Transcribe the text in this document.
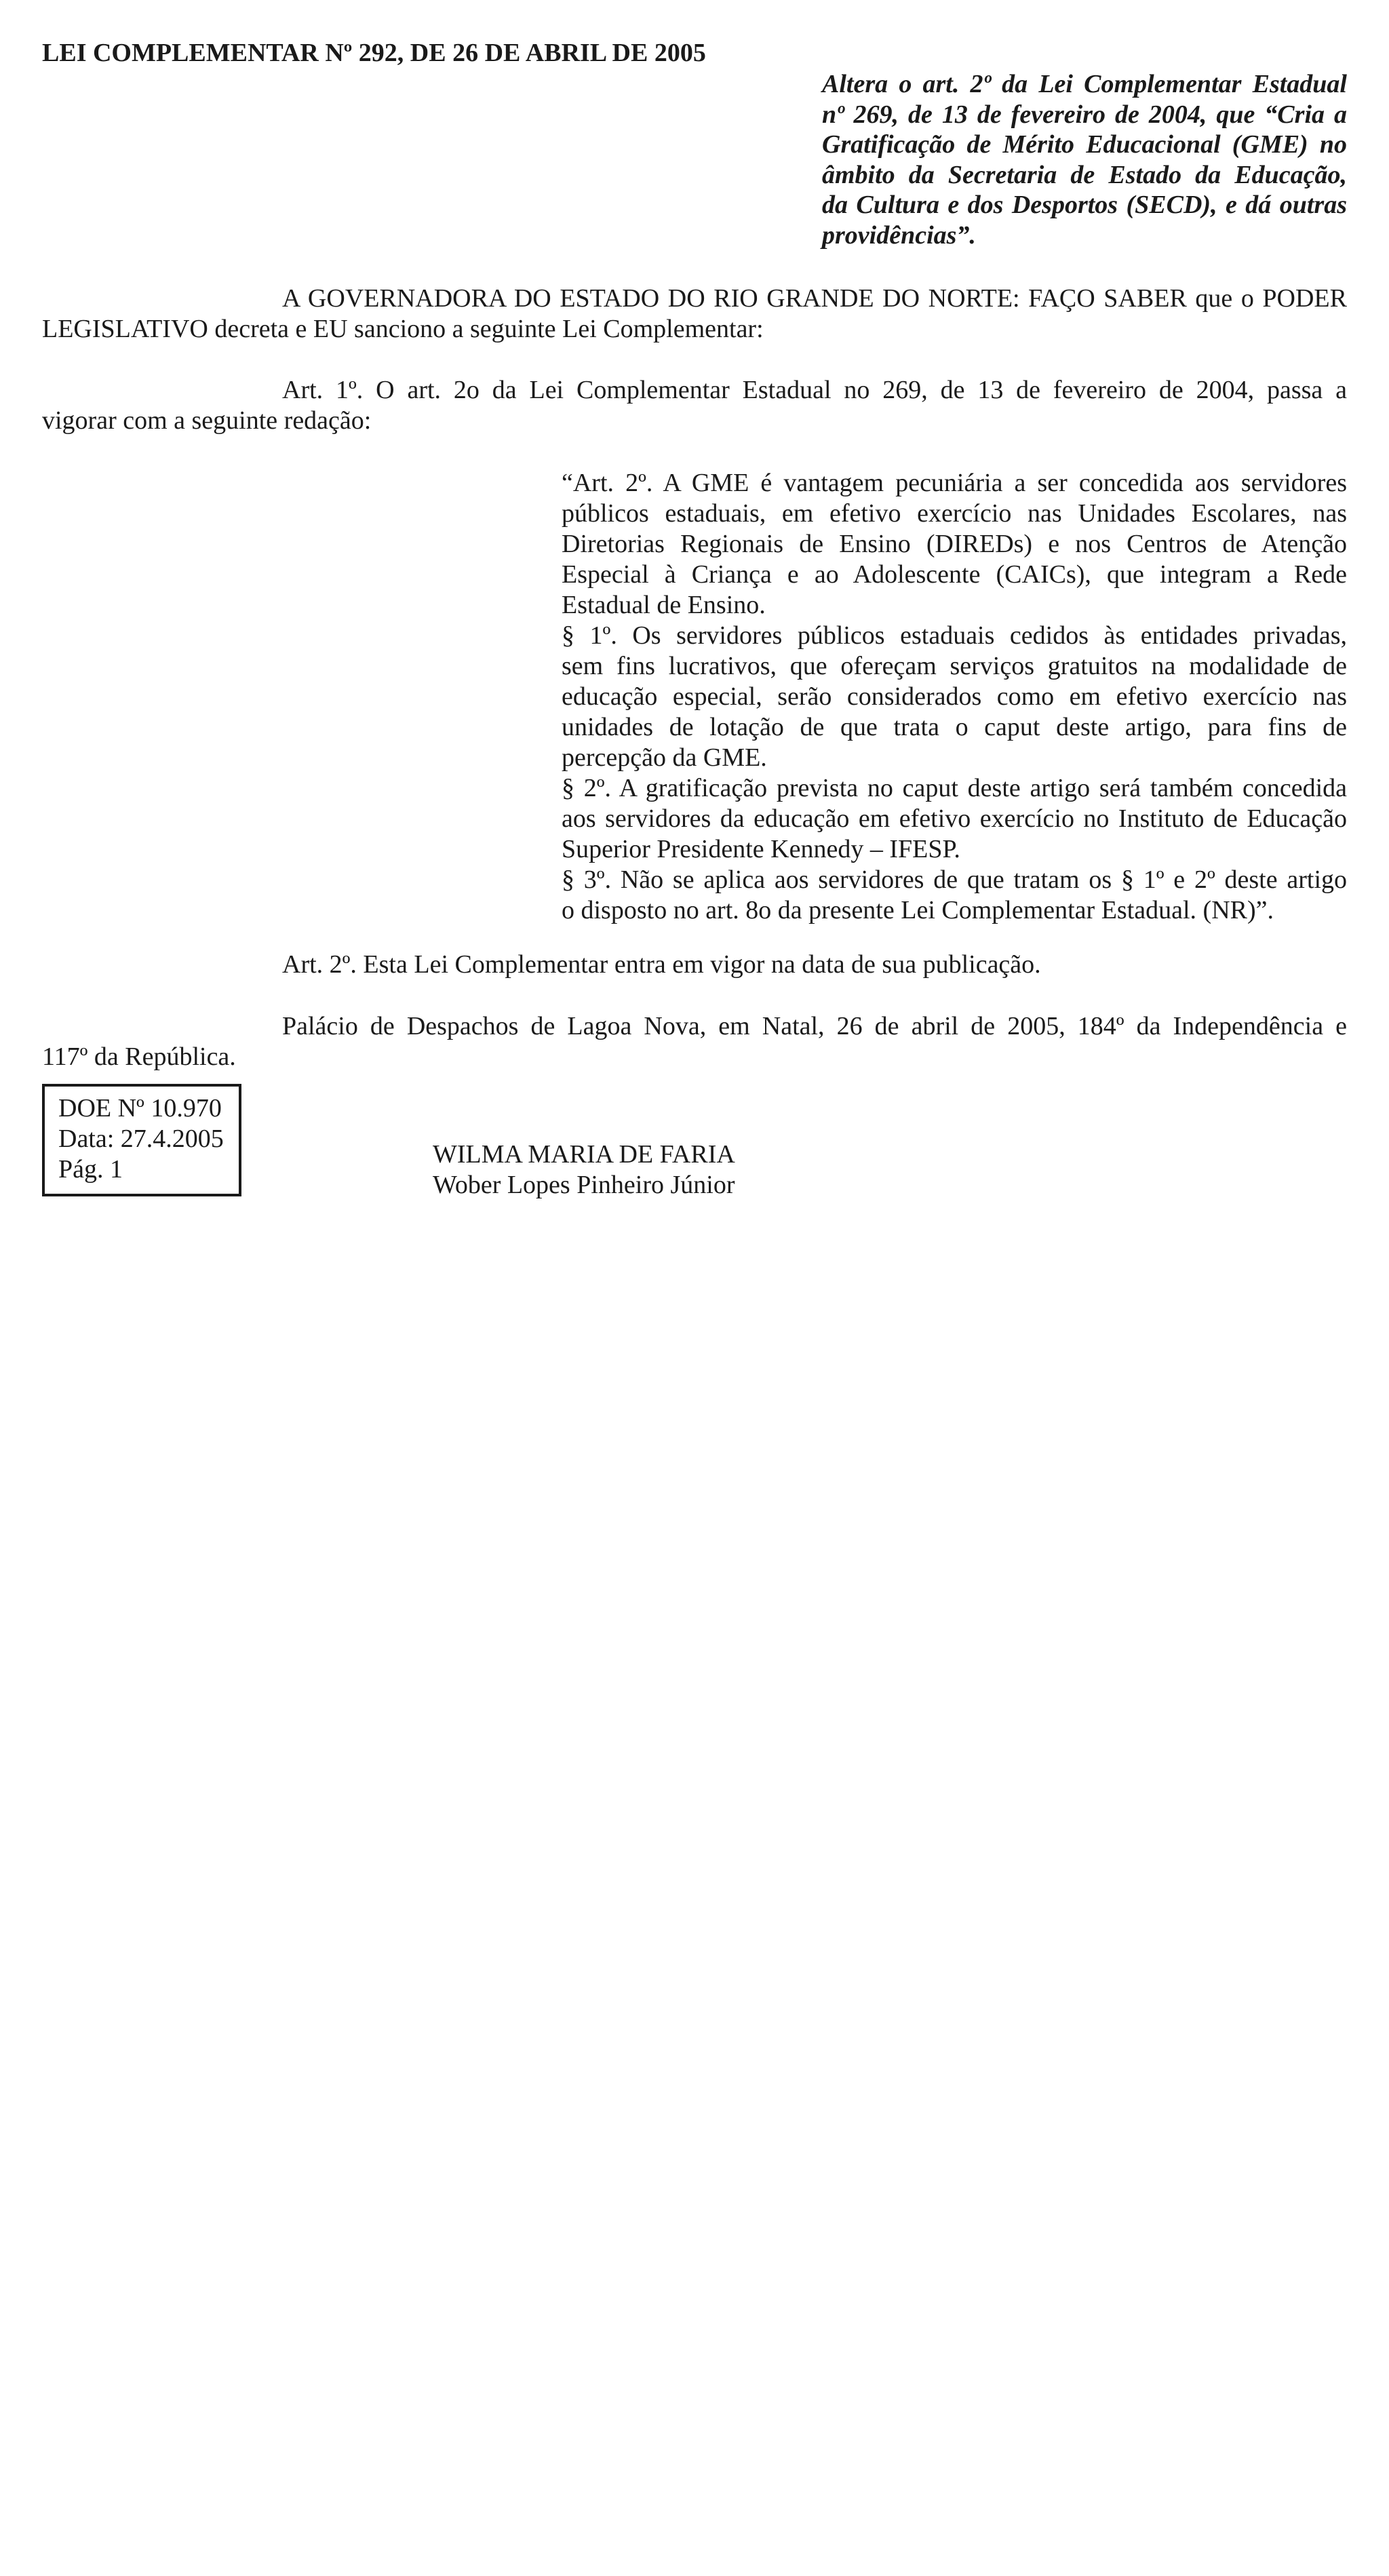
LEI COMPLEMENTAR Nº 292, DE 26 DE ABRIL DE 2005
Altera o art. 2º da Lei Complementar Estadual
nº 269, de 13 de fevereiro de 2004, que “Cria a
Gratificação de Mérito Educacional (GME) no
âmbito da Secretaria de Estado da Educação,
da Cultura e dos Desportos (SECD), e dá outras
providências”.
A GOVERNADORA DO ESTADO DO RIO GRANDE DO NORTE: FAÇO SABER que o PODER
LEGISLATIVO decreta e EU sanciono a seguinte Lei Complementar:
Art. 1º. O art. 2o da Lei Complementar Estadual no 269, de 13 de fevereiro de 2004, passa a
vigorar com a seguinte redação:
“Art. 2º. A GME é vantagem pecuniária a ser concedida aos servidores
públicos estaduais, em efetivo exercício nas Unidades Escolares, nas
Diretorias Regionais de Ensino (DIREDs) e nos Centros de Atenção
Especial à Criança e ao Adolescente (CAICs), que integram a Rede
Estadual de Ensino.
§ 1º. Os servidores públicos estaduais cedidos às entidades privadas,
sem fins lucrativos, que ofereçam serviços gratuitos na modalidade de
educação especial, serão considerados como em efetivo exercício nas
unidades de lotação de que trata o caput deste artigo, para fins de
percepção da GME.
§ 2º. A gratificação prevista no caput deste artigo será também concedida
aos servidores da educação em efetivo exercício no Instituto de Educação
Superior Presidente Kennedy – IFESP.
§ 3º. Não se aplica aos servidores de que tratam os § 1º e 2º deste artigo
o disposto no art. 8o da presente Lei Complementar Estadual. (NR)”.
Art. 2º. Esta Lei Complementar entra em vigor na data de sua publicação.
Palácio de Despachos de Lagoa Nova, em Natal, 26 de abril de 2005, 184º da Independência e
117º da República.
DOE Nº 10.970
Data: 27.4.2005
Pág. 1
WILMA MARIA DE FARIA
Wober Lopes Pinheiro Júnior
